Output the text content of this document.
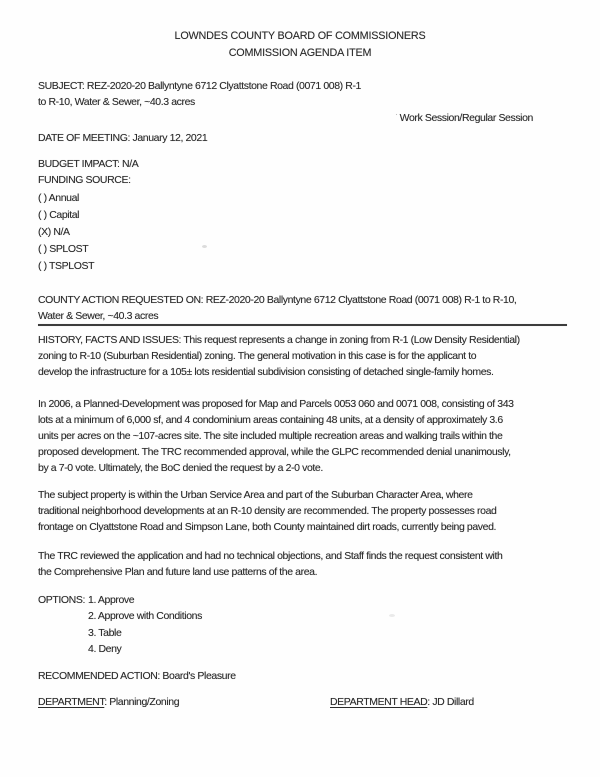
LOWNDES COUNTY BOARD OF COMMISSIONERS
COMMISSION AGENDA ITEM
SUBJECT: REZ-2020-20 Ballyntyne 6712 Clyattstone Road (0071 008) R-1
to R-10, Water & Sewer, ~40.3 acres
· Work Session/Regular Session
DATE OF MEETING: January 12, 2021
BUDGET IMPACT: N/A
FUNDING SOURCE:
( ) Annual
( ) Capital
(X) N/A
( ) SPLOST
( ) TSPLOST
COUNTY ACTION REQUESTED ON: REZ-2020-20 Ballyntyne 6712 Clyattstone Road (0071 008) R-1 to R-10,
Water & Sewer, ~40.3 acres
HISTORY, FACTS AND ISSUES: This request represents a change in zoning from R-1 (Low Density Residential)
zoning to R-10 (Suburban Residential) zoning. The general motivation in this case is for the applicant to
develop the infrastructure for a 105± lots residential subdivision consisting of detached single-family homes.
In 2006, a Planned-Development was proposed for Map and Parcels 0053 060 and 0071 008, consisting of 343
lots at a minimum of 6,000 sf, and 4 condominium areas containing 48 units, at a density of approximately 3.6
units per acres on the ~107-acres site. The site included multiple recreation areas and walking trails within the
proposed development. The TRC recommended approval, while the GLPC recommended denial unanimously,
by a 7-0 vote. Ultimately, the BoC denied the request by a 2-0 vote.
The subject property is within the Urban Service Area and part of the Suburban Character Area, where
traditional neighborhood developments at an R-10 density are recommended. The property possesses road
frontage on Clyattstone Road and Simpson Lane, both County maintained dirt roads, currently being paved.
The TRC reviewed the application and had no technical objections, and Staff finds the request consistent with
the Comprehensive Plan and future land use patterns of the area.
OPTIONS: 1. Approve
2. Approve with Conditions
3. Table
4. Deny
RECOMMENDED ACTION: Board's Pleasure
DEPARTMENT: Planning/Zoning	DEPARTMENT HEAD: JD Dillard
